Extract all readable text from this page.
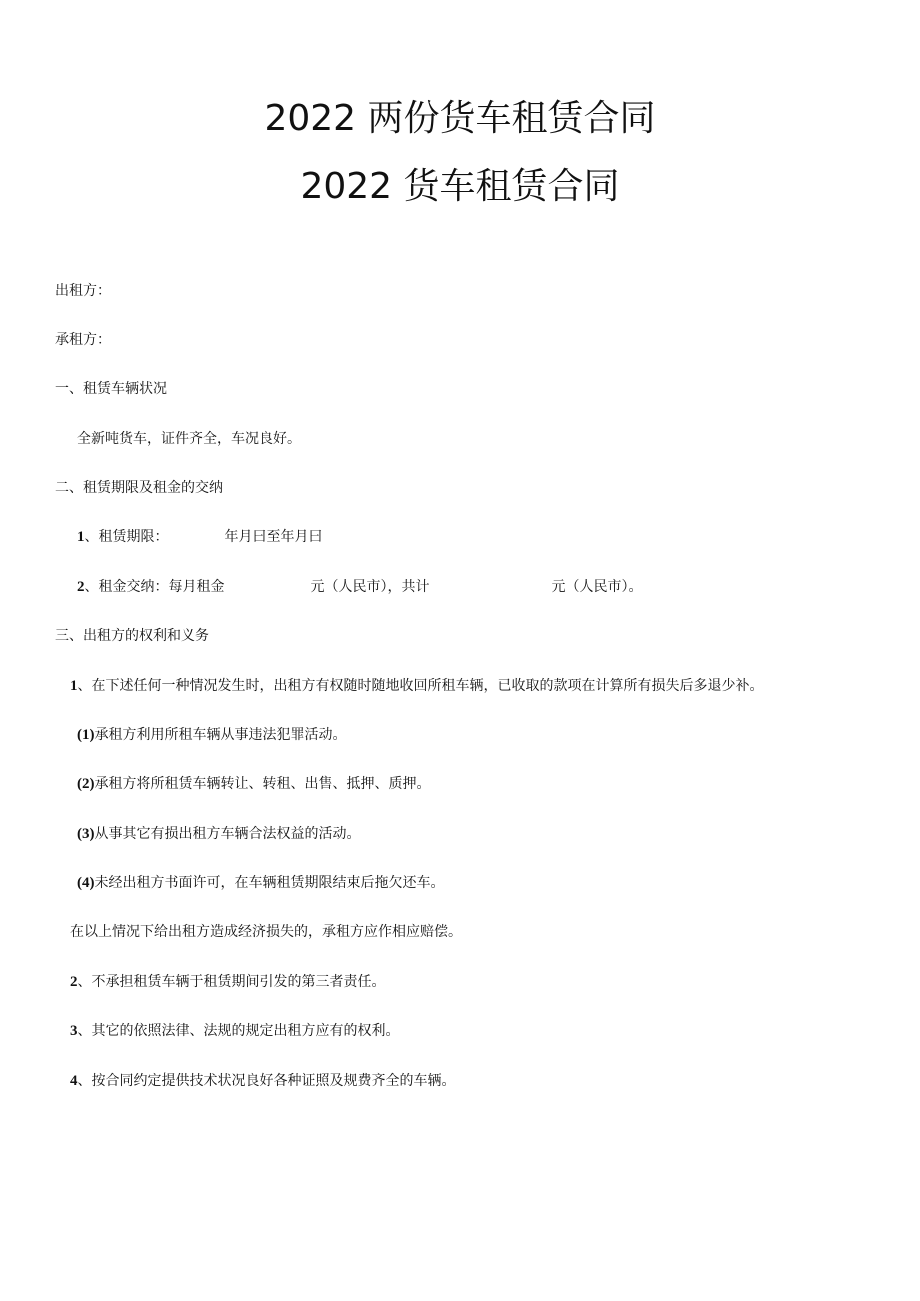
2022 两份货车租赁合同
2022 货车租赁合同
出租方：
承租方：
一、租赁车辆状况
全新吨货车，证件齐全，车况良好。
二、租赁期限及租金的交纳
1、租赁期限：	年月曰至年月曰
2、租金交纳：每月租金	元（人民市），共计	元（人民市）。
三、出租方的权利和义务
1、在下述任何一种情况发生时，出租方有权随时随地收回所租车辆，已收取的款项在计算所有损失后多退少补。
(1)承租方利用所租车辆从事违法犯罪活动。
(2)承租方将所租赁车辆转让、转租、出售、抵押、质押。
(3)从事其它有损出租方车辆合法权益的活动。
(4)未经出租方书面许可，在车辆租赁期限结束后拖欠还车。
在以上情况下给出租方造成经济损失的，承租方应作相应赔偿。
2、不承担租赁车辆于租赁期间引发的第三者责任。
3、其它的依照法律、法规的规定出租方应有的权利。
4、按合同约定提供技术状况良好各种证照及规费齐全的车辆。
